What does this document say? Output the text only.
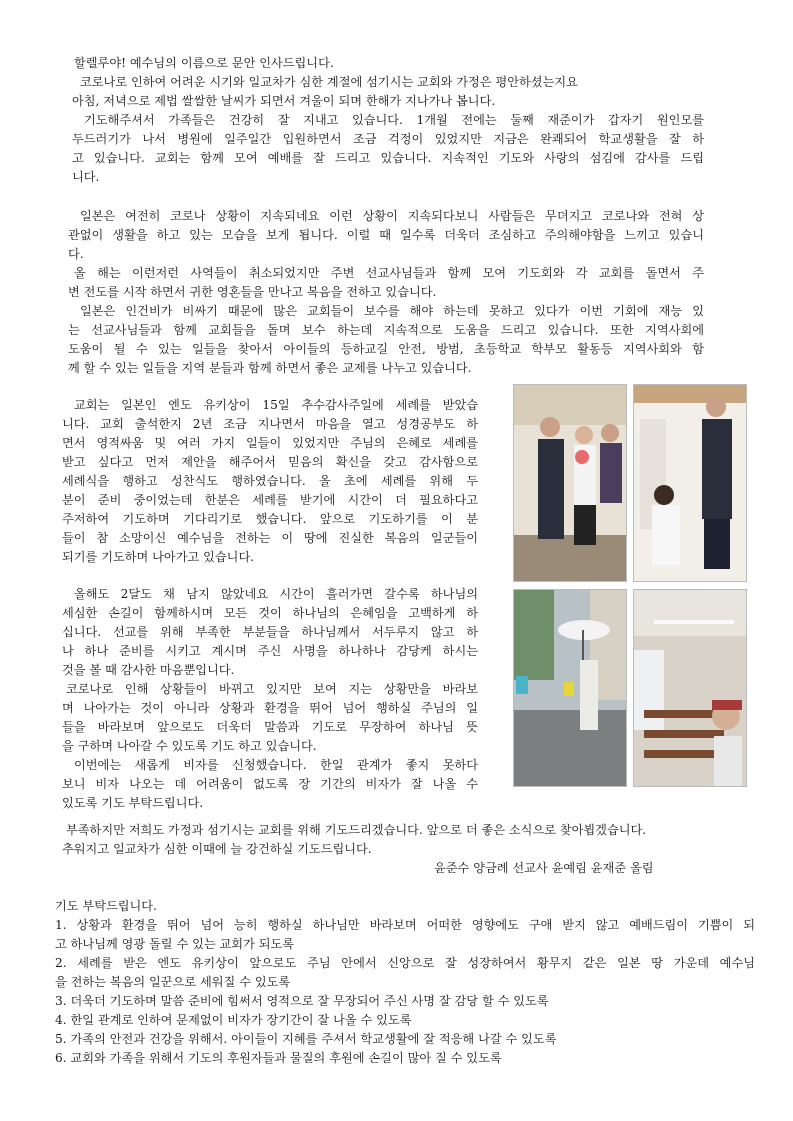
할렐루야! 예수님의 이름으로 문안 인사드립니다.
코로나로 인하여 어려운 시기와 일교차가 심한 계절에 섬기시는 교회와 가정은 평안하셨는지요
아침, 저녁으로 제법 쌀쌀한 날씨가 되면서 겨울이 되며 한해가 지나가나 봅니다.
기도해주셔서 가족들은 건강히 잘 지내고 있습니다. 1개월 전에는 둘째 재준이가 갑자기 원인모를
두드러기가 나서 병원에 일주일간 입원하면서 조금 걱정이 있었지만 지금은 완쾌되어 학교생활을 잘 하
고 있습니다. 교회는 함께 모여 예배를 잘 드리고 있습니다. 지속적인 기도와 사랑의 섬김에 감사를 드립
니다.
일본은 여전히 코로나 상황이 지속되네요 이런 상황이 지속되다보니 사람들은 무뎌지고 코로나와 전혀 상
관없이 생활을 하고 있는 모습을 보게 됩니다. 이럴 때 일수록 더욱더 조심하고 주의해야함을 느끼고 있습니
다.
올 해는 이런저런 사역들이 취소되었지만 주변 선교사님들과 함께 모여 기도회와 각 교회를 돌면서 주
변 전도를 시작 하면서 귀한 영혼들을 만나고 복음을 전하고 있습니다.
일본은 인건비가 비싸기 때문에 많은 교회들이 보수를 해야 하는데 못하고 있다가 이번 기회에 재능 있
는 선교사님들과 함께 교회들을 돌며 보수 하는데 지속적으로 도움을 드리고 있습니다. 또한 지역사회에
도움이 될 수 있는 일들을 찾아서 아이들의 등하교길 안전, 방범, 초등학교 학부모 활동등 지역사회와 함
께 할 수 있는 일들을 지역 분들과 함께 하면서 좋은 교제를 나누고 있습니다.
교회는 일본인 엔도 유키상이 15일 추수감사주일에 세례를 받았습
니다. 교회 출석한지 2년 조금 지나면서 마음을 열고 성경공부도 하
면서 영적싸움 및 여러 가지 일들이 있었지만 주님의 은혜로 세례를
받고 싶다고 먼저 제안을 해주어서 믿음의 확신을 갖고 감사함으로
세례식을 행하고 성찬식도 행하였습니다. 올 초에 세례를 위해 두
분이 준비 중이었는데 한분은 세례를 받기에 시간이 더 필요하다고
주저하여 기도하며 기다리기로 했습니다. 앞으로 기도하기를 이 분
들이 참 소망이신 예수님을 전하는 이 땅에 진실한 복음의 일군들이
되기를 기도하며 나아가고 있습니다.
올해도 2달도 채 남지 않았네요 시간이 흘러가면 갈수록 하나님의
세심한 손길이 함께하시며 모든 것이 하나님의 은혜임을 고백하게 하
십니다. 선교를 위해 부족한 부분들을 하나님께서 서두루지 않고 하
나 하나 준비를 시키고 계시며 주신 사명을 하나하나 감당케 하시는
것을 볼 때 감사한 마음뿐입니다.
코로나로 인해 상황들이 바뀌고 있지만 보여 지는 상황만을 바라보
며 나아가는 것이 아니라 상황과 환경을 뛰어 넘어 행하실 주님의 일
들을 바라보며 앞으로도 더욱더 말씀과 기도로 무장하여 하나님 뜻
을 구하며 나아갈 수 있도록 기도 하고 있습니다.
이번에는 새롭게 비자를 신청했습니다. 한일 관계가 좋지 못하다
보니 비자 나오는 데 어려움이 없도록 장 기간의 비자가 잘 나올 수
있도록 기도 부탁드립니다.
부족하지만 저희도 가정과 섬기시는 교회를 위해 기도드리겠습니다. 앞으로 더 좋은 소식으로 찾아뵙겠습니다.
추워지고 일교차가 심한 이때에 늘 강건하실 기도드립니다.
윤준수 양금례 선교사 윤예림 윤재준 올림
기도 부탁드립니다.
1. 상황과 환경을 뛰어 넘어 능히 행하실 하나님만 바라보며 어떠한 영향에도 구애 받지 않고 예배드림이 기쁨이 되
고 하나님께 영광 돌릴 수 있는 교회가 되도록
2. 세례를 받은 엔도 유키상이 앞으로도 주님 안에서 신앙으로 잘 성장하여서 황무지 같은 일본 땅 가운데 예수님
을 전하는 복음의 일꾼으로 세워질 수 있도록
3. 더욱더 기도하며 말씀 준비에 힘써서 영적으로 잘 무장되어 주신 사명 잘 감당 할 수 있도록
4. 한일 관계로 인하여 문제없이 비자가 장기간이 잘 나올 수 있도록
5. 가족의 안전과 건강을 위해서. 아이들이 지혜를 주셔서 학교생활에 잘 적응해 나갈 수 있도록
6. 교회와 가족을 위해서 기도의 후원자들과 물질의 후원에 손길이 많아 질 수 있도록
